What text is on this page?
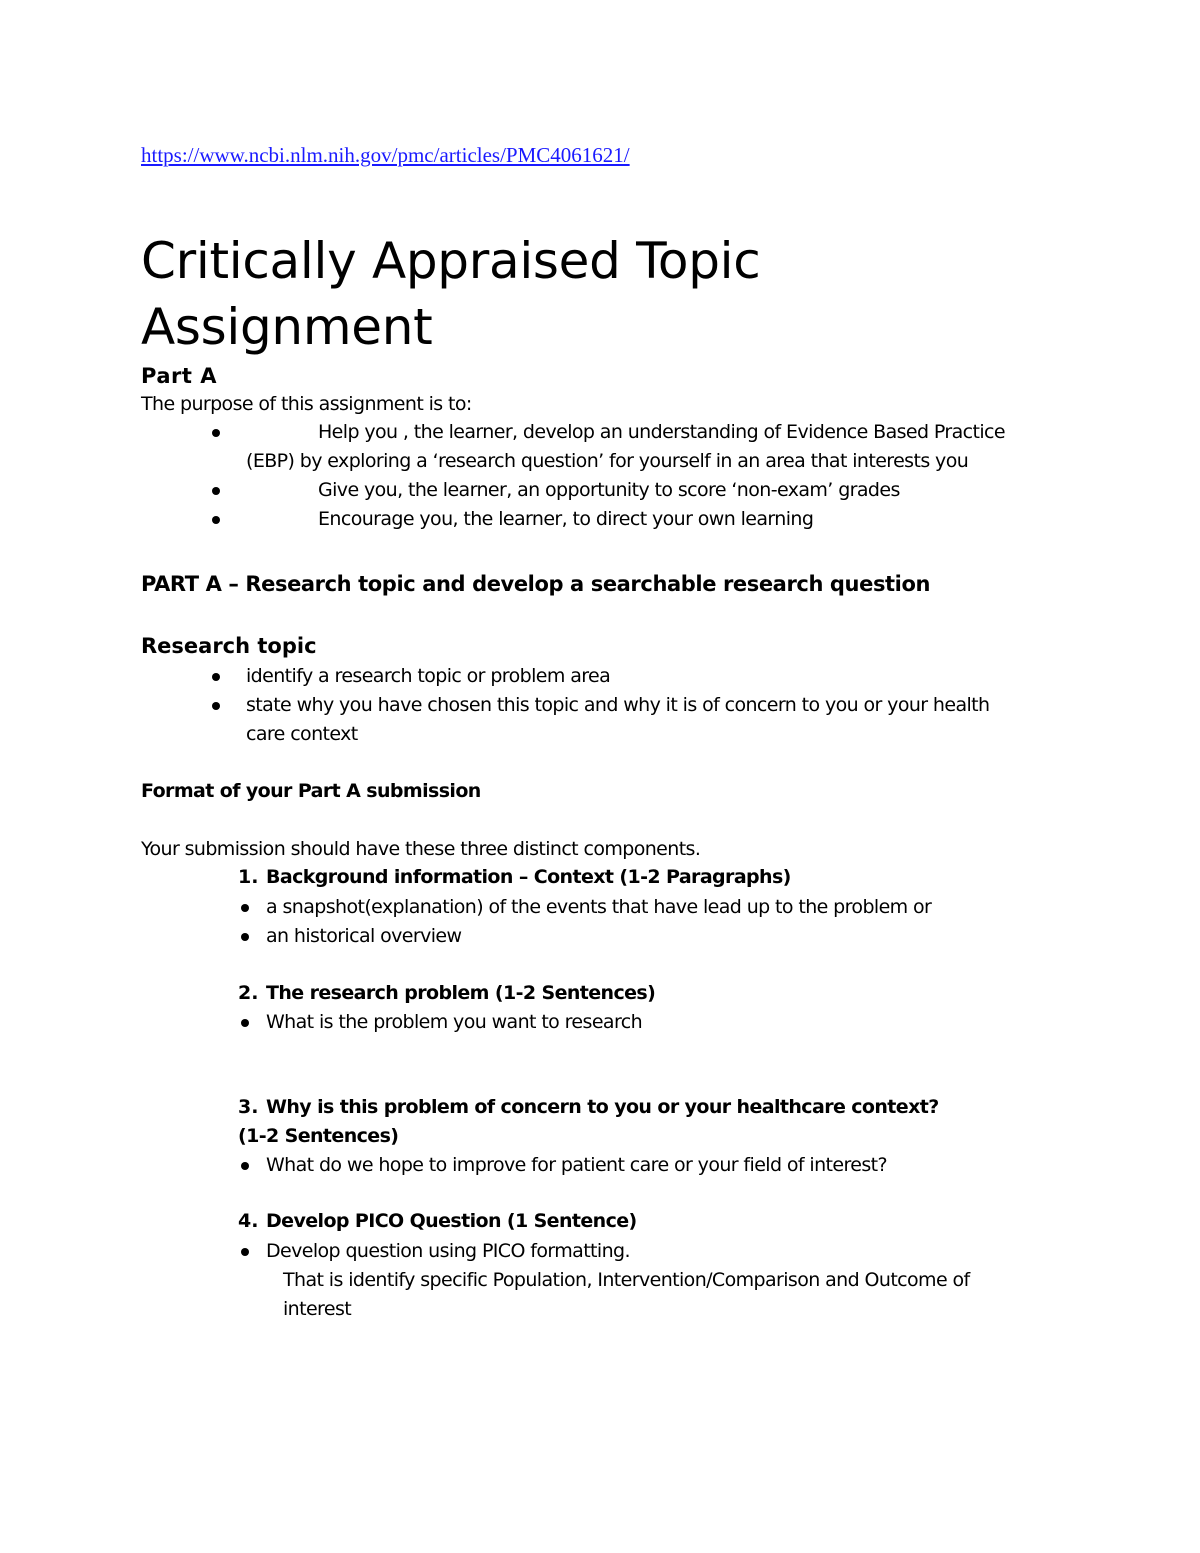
https://www.ncbi.nlm.nih.gov/pmc/articles/PMC4061621/
Critically Appraised Topic
Assignment
Part A
The purpose of this assignment is to:
Help you , the learner, develop an understanding of Evidence Based Practice
(EBP) by exploring a ‘research question’ for yourself in an area that interests you
Give you, the learner, an opportunity to score ‘non-exam’ grades
Encourage you, the learner, to direct your own learning
PART A – Research topic and develop a searchable research question
Research topic
identify a research topic or problem area
state why you have chosen this topic and why it is of concern to you or your health
care context
Format of your Part A submission
Your submission should have these three distinct components.
1. Background information – Context (1-2 Paragraphs)
a snapshot(explanation) of the events that have lead up to the problem or
an historical overview
2. The research problem (1-2 Sentences)
What is the problem you want to research
3. Why is this problem of concern to you or your healthcare context?
(1-2 Sentences)
What do we hope to improve for patient care or your field of interest?
4. Develop PICO Question (1 Sentence)
Develop question using PICO formatting.
That is identify specific Population, Intervention/Comparison and Outcome of
interest
